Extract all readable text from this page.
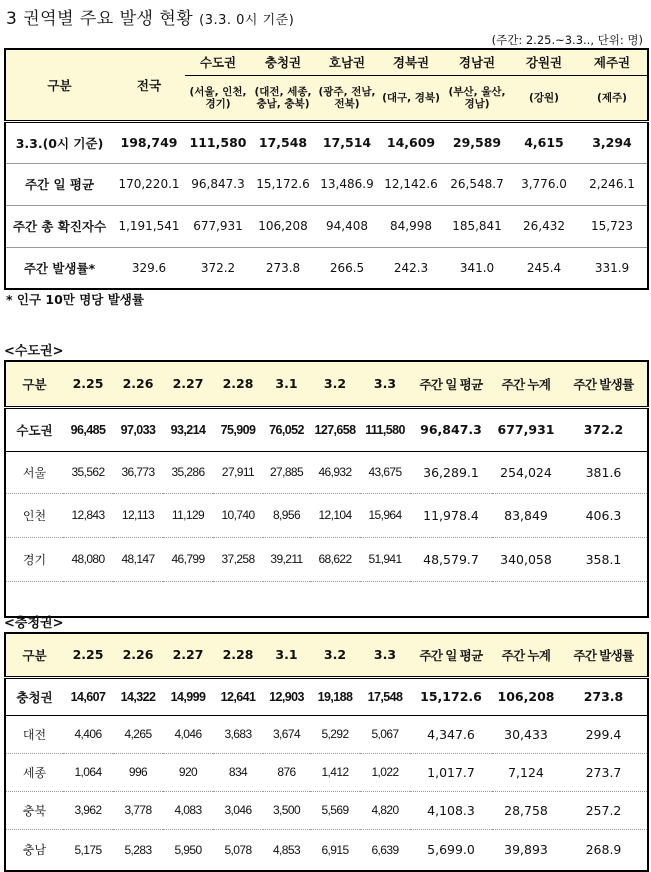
3 권역별 주요 발생 현황 (3.3. 0시 기준)
(주간: 2.25.~3.3.., 단위: 명)
구분	전국	수도권	충청권	호남권	경북권	경남권	강원권	제주권
		(서울, 인천, 경기)	(대전, 세종, 충남, 충북)	(광주, 전남, 전북)	(대구, 경북)	(부산, 울산, 경남)	(강원)	(제주)
3.3.(0시 기준)	198,749	111,580	17,548	17,514	14,609	29,589	4,615	3,294
주간 일 평균	170,220.1	96,847.3	15,172.6	13,486.9	12,142.6	26,548.7	3,776.0	2,246.1
주간 총 확진자수	1,191,541	677,931	106,208	94,408	84,998	185,841	26,432	15,723
주간 발생률*	329.6	372.2	273.8	266.5	242.3	341.0	245.4	331.9
* 인구 10만 명당 발생률
<수도권>
구분	2.25	2.26	2.27	2.28	3.1	3.2	3.3	주간 일 평균	주간 누계	주간 발생률
수도권	96,485	97,033	93,214	75,909	76,052	127,658	111,580	96,847.3	677,931	372.2
서울	35,562	36,773	35,286	27,911	27,885	46,932	43,675	36,289.1	254,024	381.6
인천	12,843	12,113	11,129	10,740	8,956	12,104	15,964	11,978.4	83,849	406.3
경기	48,080	48,147	46,799	37,258	39,211	68,622	51,941	48,579.7	340,058	358.1

<충청권>
구분	2.25	2.26	2.27	2.28	3.1	3.2	3.3	주간 일 평균	주간 누계	주간 발생률
충청권	14,607	14,322	14,999	12,641	12,903	19,188	17,548	15,172.6	106,208	273.8
대전	4,406	4,265	4,046	3,683	3,674	5,292	5,067	4,347.6	30,433	299.4
세종	1,064	996	920	834	876	1,412	1,022	1,017.7	7,124	273.7
충북	3,962	3,778	4,083	3,046	3,500	5,569	4,820	4,108.3	28,758	257.2
충남	5,175	5,283	5,950	5,078	4,853	6,915	6,639	5,699.0	39,893	268.9
